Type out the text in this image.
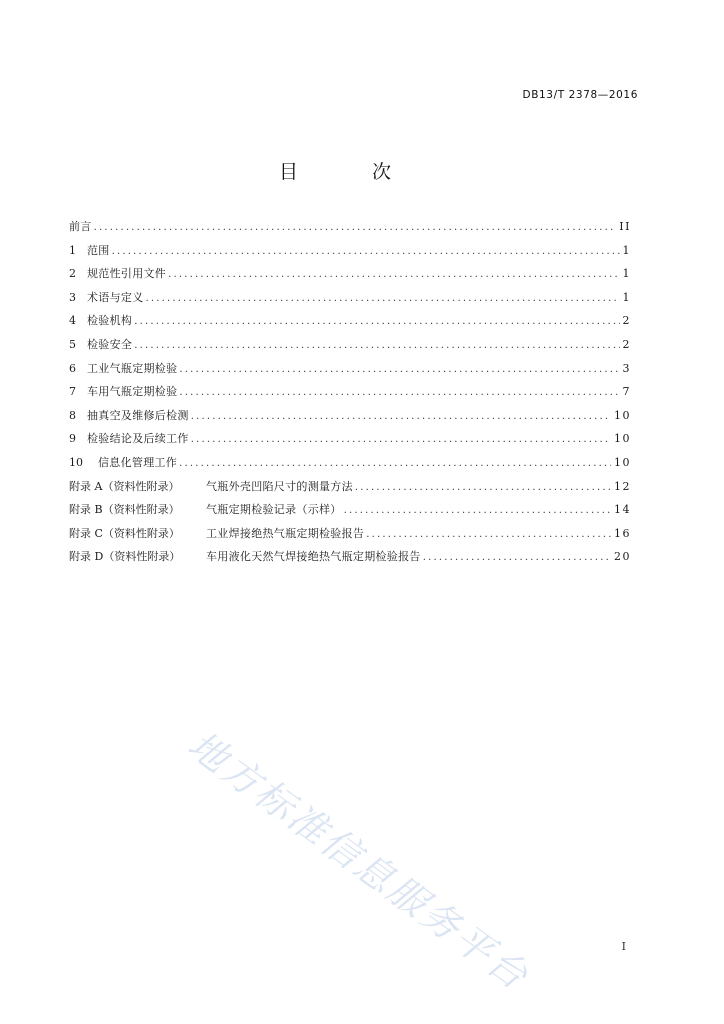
DB13/T 2378—2016
目 次
前言 .....	II
1	范围 .....	1
2	规范性引用文件 .....	1
3	术语与定义 .....	1
4	检验机构 .....	2
5	检验安全 .....	2
6	工业气瓶定期检验 .....	3
7	车用气瓶定期检验 .....	7
8	抽真空及维修后检测 .....	10
9	检验结论及后续工作 .....	10
10	信息化管理工作 .....	10
附录 A（资料性附录）	气瓶外壳凹陷尺寸的测量方法 .....	12
附录 B（资料性附录）	气瓶定期检验记录（示样） .....	14
附录 C（资料性附录）	工业焊接绝热气瓶定期检验报告 .....	16
附录 D（资料性附录）	车用液化天然气焊接绝热气瓶定期检验报告 .....	20
地方标准信息服务平台	I
